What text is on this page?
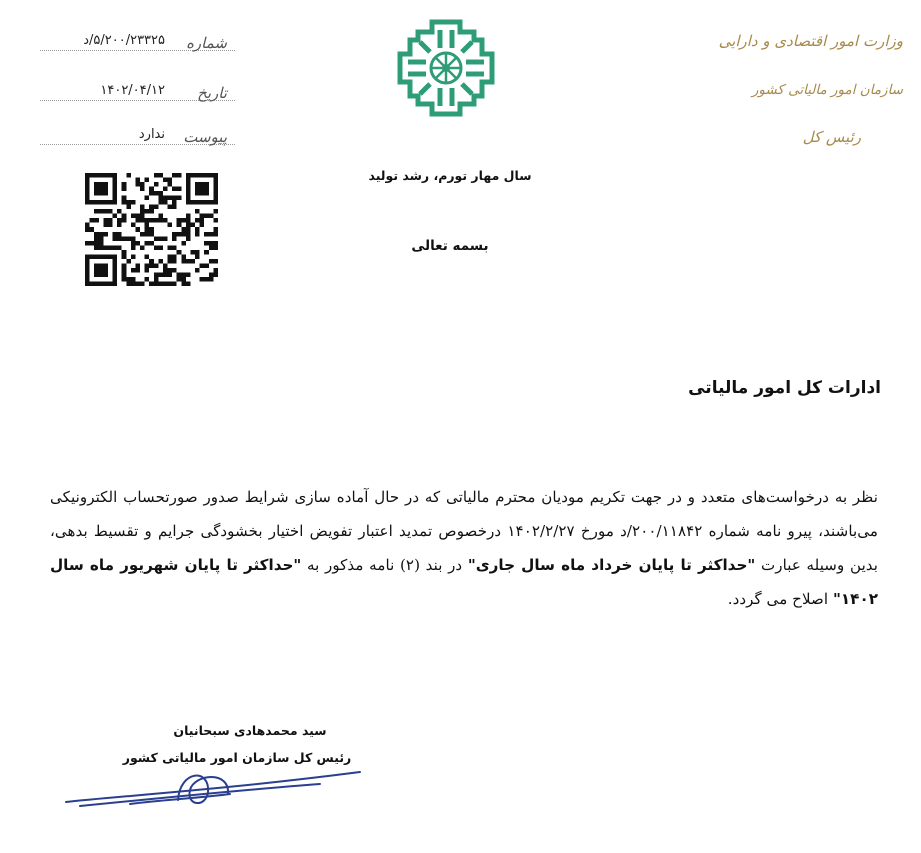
شماره
۵/۲۰۰/۲۳۳۲۵/د
تاریخ
۱۴۰۲/۰۴/۱۲
پیوست
ندارد
وزارت امور اقتصادی و دارایی
سازمان امور مالیاتی کشور
رئیس کل
سال مهار تورم، رشد تولید
بسمه تعالی
ادارات کل امور مالیاتی
نظر به درخواست‌های متعدد و در جهت تکریم مودیان محترم مالیاتی که در حال آماده سازی شرایط صدور صورتحساب الکترونیکی می‌باشند، پیرو نامه شماره ۲۰۰/۱۱۸۴۲/د مورخ ۱۴۰۲/۲/۲۷ درخصوص تمدید اعتبار تفویض اختیار بخشودگی جرایم و تقسیط بدهی، بدین وسیله عبارت "حداکثر تا پایان خرداد ماه سال جاری" در بند (۲) نامه مذکور به "حداکثر تا پایان شهریور ماه سال ۱۴۰۲" اصلاح می گردد.
سید محمدهادی سبحانیان
رئیس کل سازمان امور مالیاتی کشور
